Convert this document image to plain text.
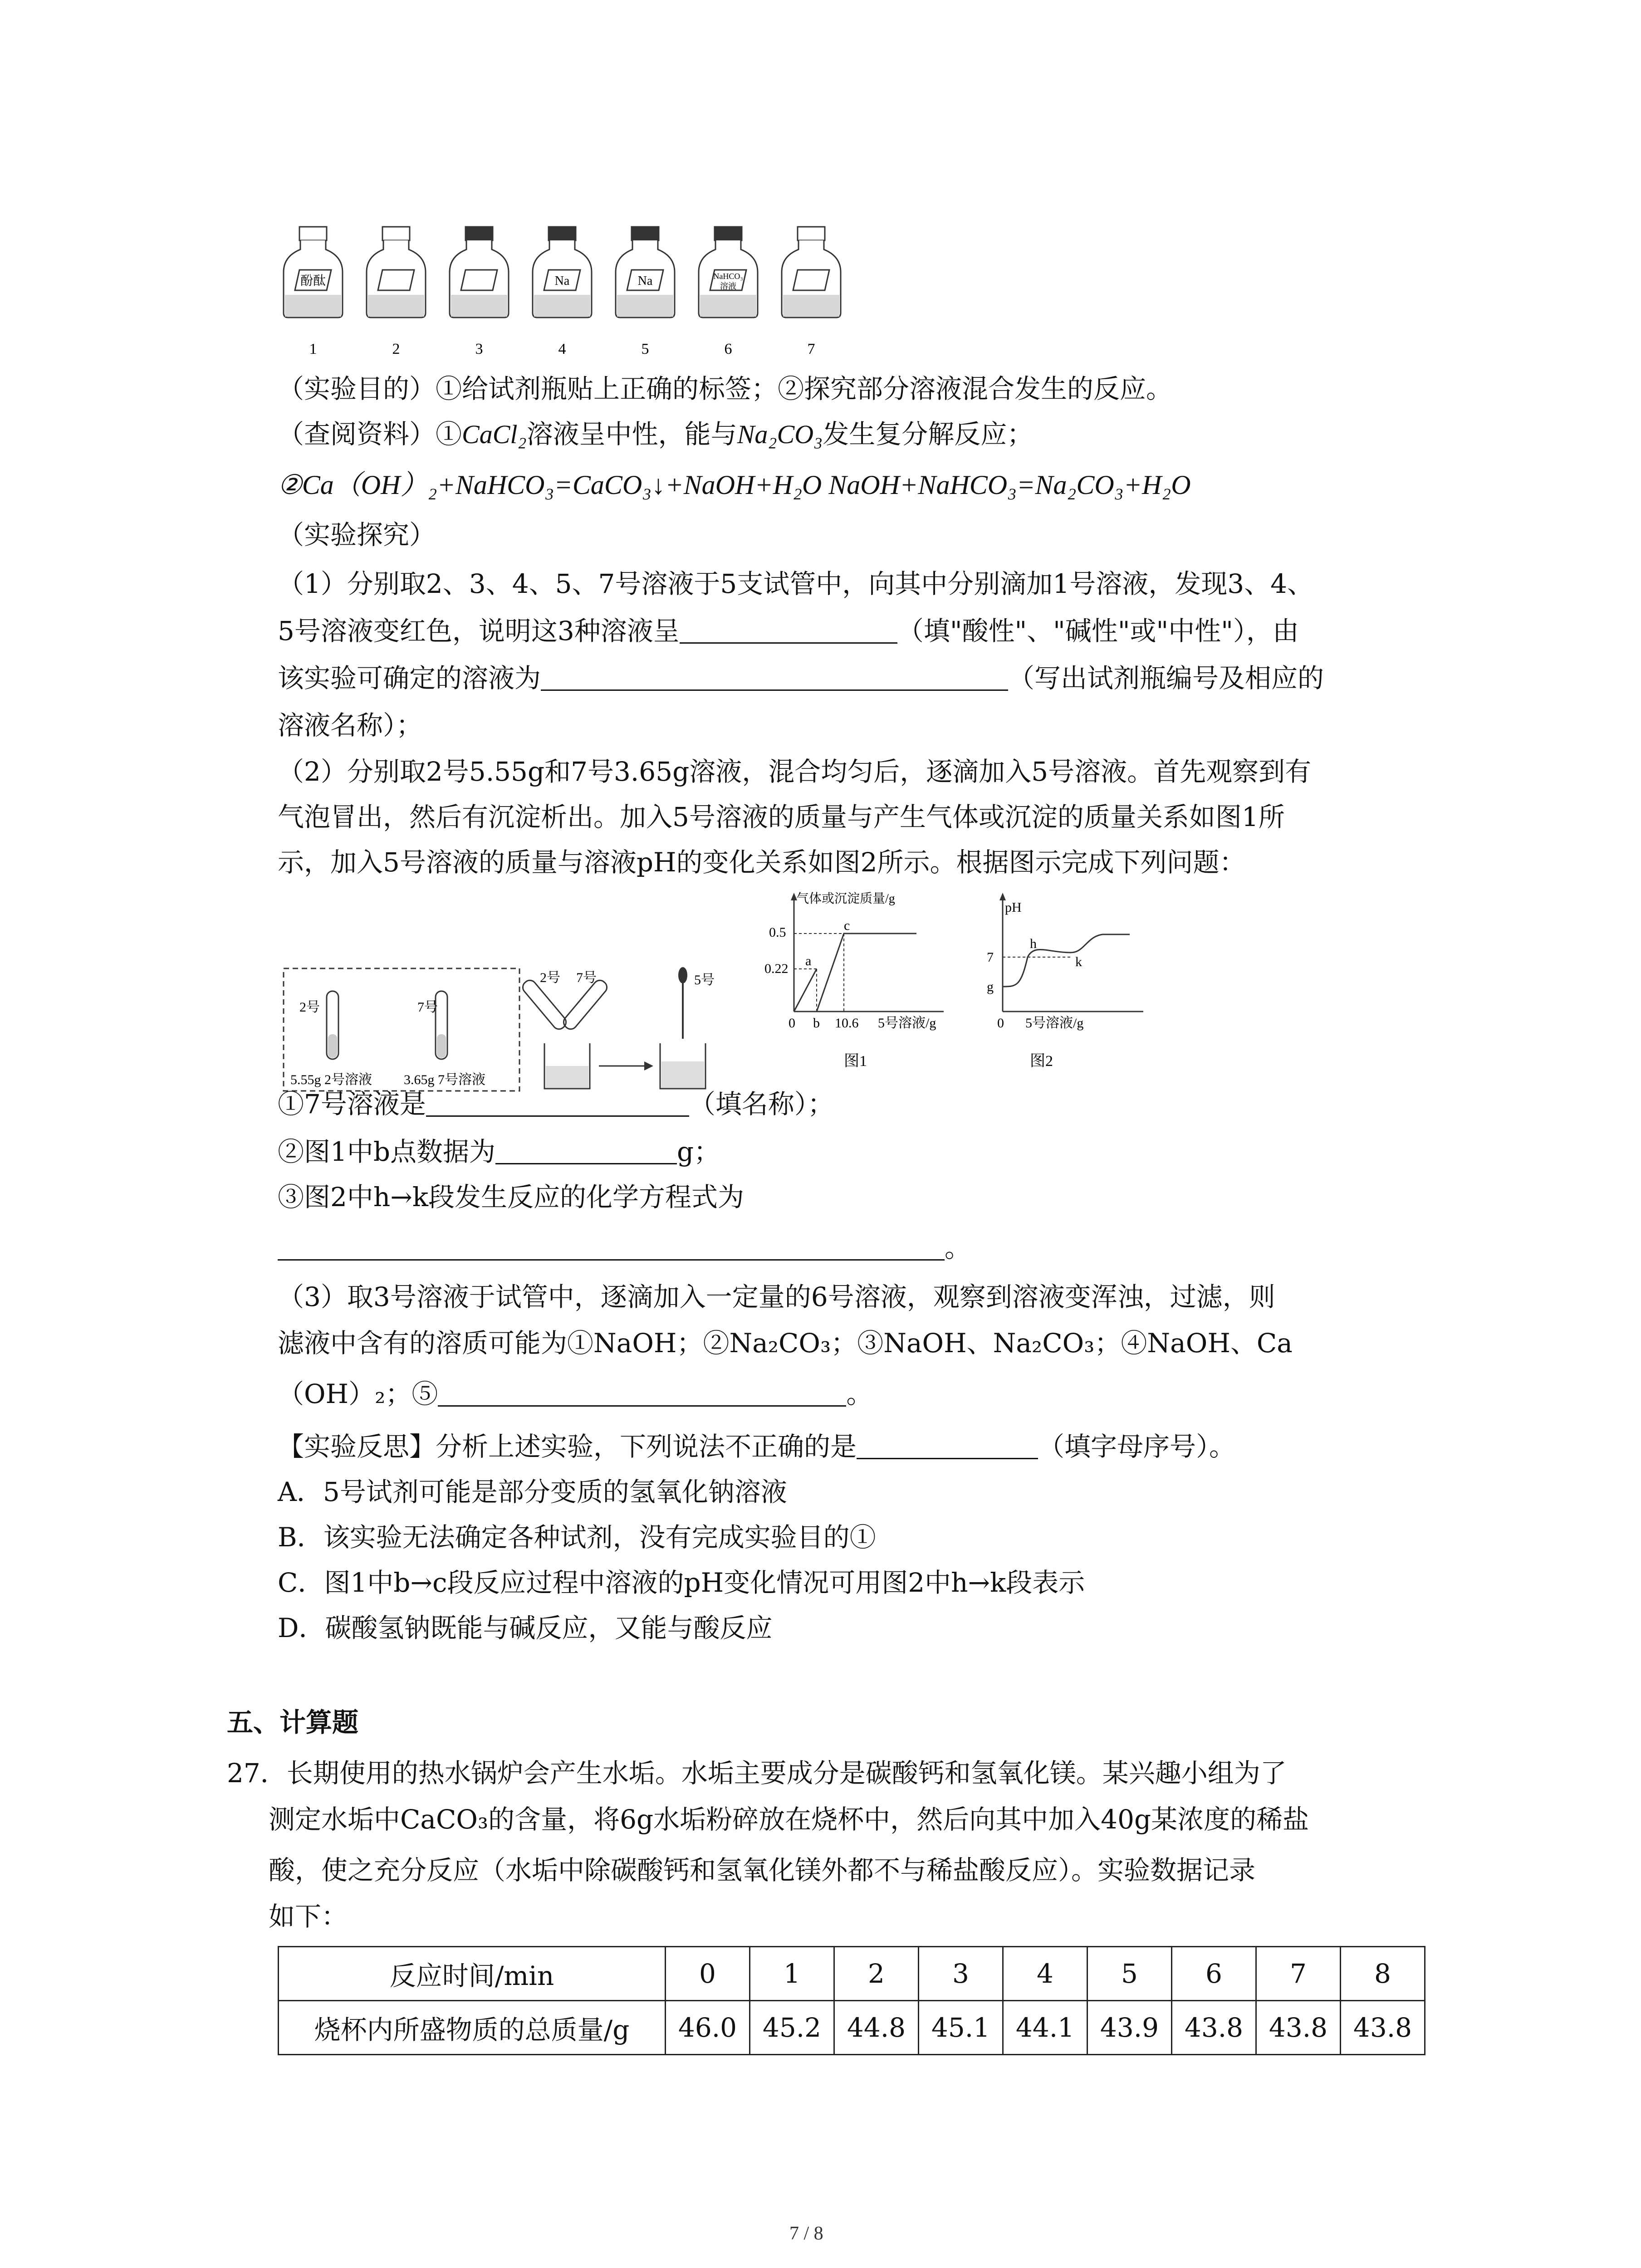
酚酞
1	2	3
Na
4
Na
5
NaHCO₃
溶液
6	7
（实验目的）①给试剂瓶贴上正确的标签；②探究部分溶液混合发生的反应。
（查阅资料）①CaCl₂溶液呈中性，能与Na₂CO₃发生复分解反应；
②Ca（OH）₂+NaHCO₃=CaCO₃↓+NaOH+H₂O NaOH+NaHCO₃=Na₂CO₃+H₂O
（实验探究）
（1）分别取2、3、4、5、7号溶液于5支试管中，向其中分别滴加1号溶液，发现3、4、
5号溶液变红色，说明这3种溶液呈	（填"酸性"、"碱性"或"中性"），由
该实验可确定的溶液为	（写出试剂瓶编号及相应的
溶液名称）；
（2）分别取2号5.55g和7号3.65g溶液，混合均匀后，逐滴加入5号溶液。首先观察到有
气泡冒出，然后有沉淀析出。加入5号溶液的质量与产生气体或沉淀的质量关系如图1所
示，加入5号溶液的质量与溶液pH的变化关系如图2所示。根据图示完成下列问题：
2号
5.55g 2号溶液
7号
3.65g 7号溶液
2号 7号	5号
气体或沉淀质量/g
0.5
0.22
a
c
0 b 10.6 5号溶液/g
图1
pH
7
g
h
k
0 5号溶液/g
图2
①7号溶液是	（填名称）；
②图1中b点数据为	g；
③图2中h→k段发生反应的化学方程式为
。
（3）取3号溶液于试管中，逐滴加入一定量的6号溶液，观察到溶液变浑浊，过滤，则
滤液中含有的溶质可能为①NaOH；②Na₂CO₃；③NaOH、Na₂CO₃；④NaOH、Ca
（OH）₂；⑤	。
【实验反思】分析上述实验，下列说法不正确的是	（填字母序号）。
A．5号试剂可能是部分变质的氢氧化钠溶液
B．该实验无法确定各种试剂，没有完成实验目的①
C．图1中b→c段反应过程中溶液的pH变化情况可用图2中h→k段表示
D．碳酸氢钠既能与碱反应，又能与酸反应
五、计算题
27．长期使用的热水锅炉会产生水垢。水垢主要成分是碳酸钙和氢氧化镁。某兴趣小组为了
测定水垢中CaCO₃的含量，将6g水垢粉碎放在烧杯中，然后向其中加入40g某浓度的稀盐
酸，使之充分反应（水垢中除碳酸钙和氢氧化镁外都不与稀盐酸反应）。实验数据记录
如下：
反应时间/min	0	1	2	3	4	5	6	7	8
烧杯内所盛物质的总质量/g	46.0	45.2	44.8	45.1	44.1	43.9	43.8	43.8	43.8
7 / 8
